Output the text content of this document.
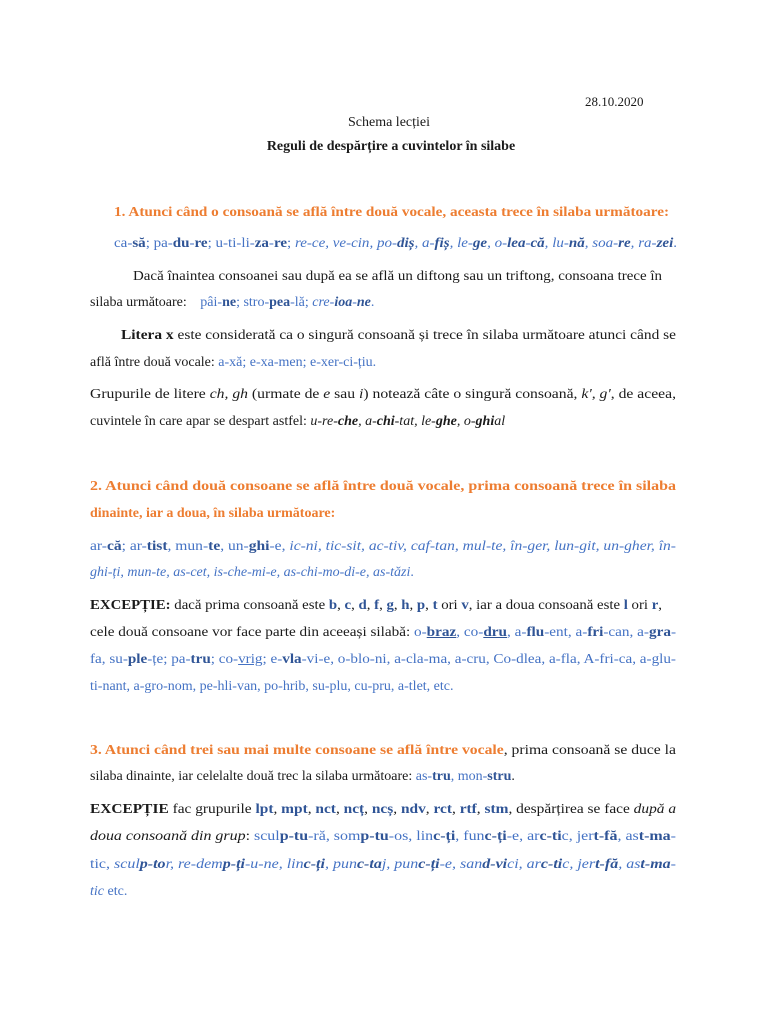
28.10.2020
Schema lecției
Reguli de despărțire a cuvintelor în silabe
1. Atunci când o consoană se află între două vocale, aceasta trece în silaba următoare:
ca-să; pa-du-re; u-ti-li-za-re; re-ce, ve-cin, po-diș, a-fiș, le-ge, o-lea-că, lu-nă, soa-re, ra-zei.
Dacă înaintea consoanei sau după ea se află un diftong sau un triftong, consoana trece în
silaba următoare: pâi-ne; stro-pea-lă; cre-ioa-ne.
Litera x este considerată ca o singură consoană și trece în silaba următoare atunci când se
află între două vocale: a-xă; e-xa-men; e-xer-ci-țiu.
Grupurile de litere ch, gh (urmate de e sau i) notează câte o singură consoană, k', g', de aceea,
cuvintele în care apar se despart astfel: u-re-che, a-chi-tat, le-ghe, o-ghial
2. Atunci când două consoane se află între două vocale, prima consoană trece în silaba
dinainte, iar a doua, în silaba următoare:
ar-că; ar-tist, mun-te, un-ghi-e, ic-ni, tic-sit, ac-tiv, caf-tan, mul-te, în-ger, lun-git, un-gher, în-
ghi-ți, mun-te, as-cet, is-che-mi-e, as-chi-mo-di-e, as-tăzi.
EXCEPȚIE: dacă prima consoană este b, c, d, f, g, h, p, t ori v, iar a doua consoană este l ori r,
cele două consoane vor face parte din aceeași silabă: o-braz, co-dru, a-flu-ent, a-fri-can, a-gra-
fa, su-ple-țe; pa-tru; co-vrig; e-vla-vi-e, o-blo-ni, a-cla-ma, a-cru, Co-dlea, a-fla, A-fri-ca, a-glu-
ti-nant, a-gro-nom, pe-hli-van, po-hrib, su-plu, cu-pru, a-tlet, etc.
3. Atunci când trei sau mai multe consoane se află între vocale, prima consoană se duce la
silaba dinainte, iar celelalte două trec la silaba următoare: as-tru, mon-stru.
EXCEPȚIE fac grupurile lpt, mpt, nct, ncț, ncș, ndv, rct, rtf, stm, despărțirea se face după a
doua consoană din grup: sculp-tu-ră, somp-tu-os, linc-ți, func-ți-e, arc-tic, jert-fă, ast-ma-
tic, sculp-tor, re-demp-ți-u-ne, linc-ți, punc-taj, punc-ți-e, sand-vici, arc-tic, jert-fă, ast-ma-
tic etc.
